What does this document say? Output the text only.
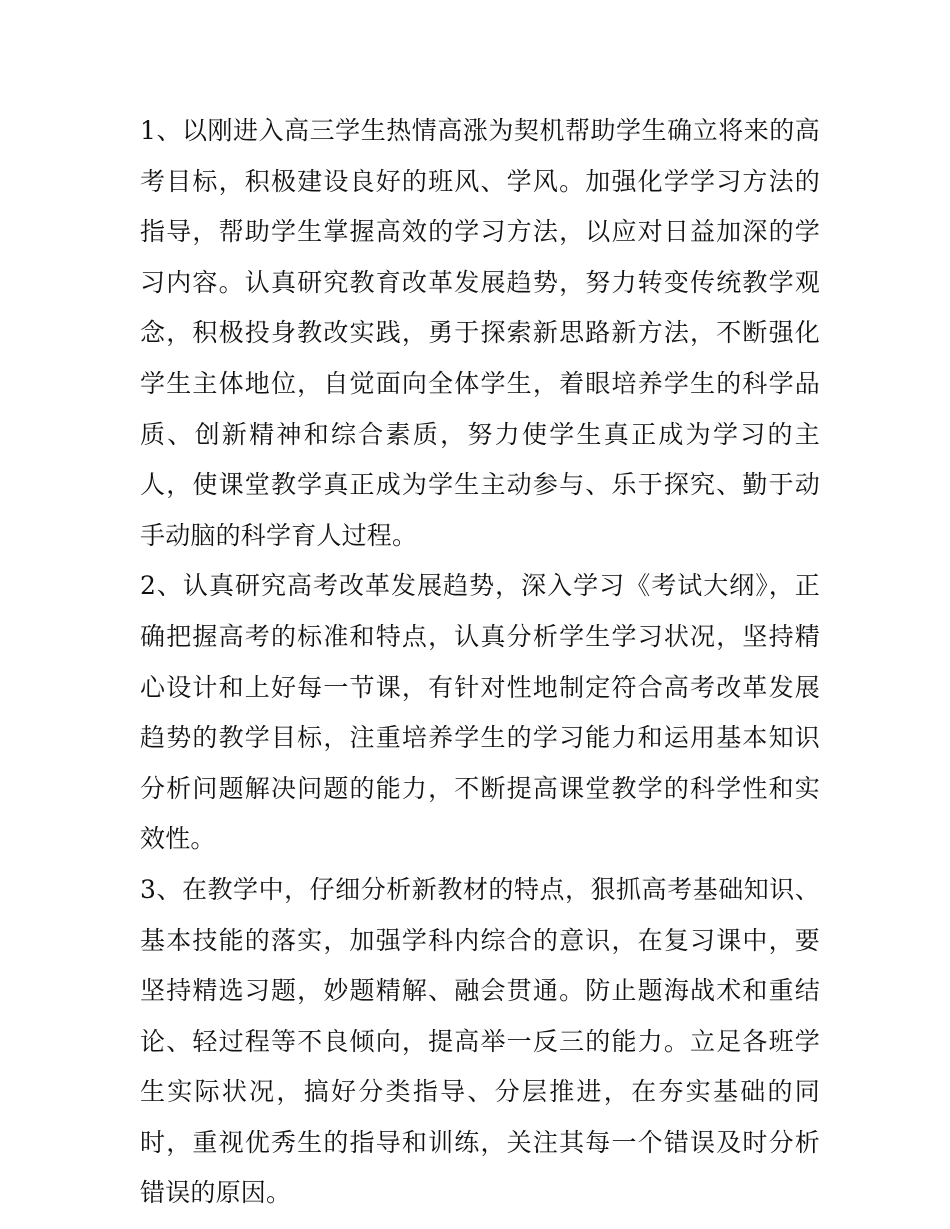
1、以刚进入高三学生热情高涨为契机帮助学生确立将来的高考目标，积极建设良好的班风、学风。加强化学学习方法的指导，帮助学生掌握高效的学习方法，以应对日益加深的学习内容。认真研究教育改革发展趋势，努力转变传统教学观念，积极投身教改实践，勇于探索新思路新方法，不断强化学生主体地位，自觉面向全体学生，着眼培养学生的科学品质、创新精神和综合素质，努力使学生真正成为学习的主人，使课堂教学真正成为学生主动参与、乐于探究、勤于动手动脑的科学育人过程。

2、认真研究高考改革发展趋势，深入学习《考试大纲》，正确把握高考的标准和特点，认真分析学生学习状况，坚持精心设计和上好每一节课，有针对性地制定符合高考改革发展趋势的教学目标，注重培养学生的学习能力和运用基本知识分析问题解决问题的能力，不断提高课堂教学的科学性和实效性。

3、在教学中，仔细分析新教材的特点，狠抓高考基础知识、基本技能的落实，加强学科内综合的意识，在复习课中，要坚持精选习题，妙题精解、融会贯通。防止题海战术和重结论、轻过程等不良倾向，提高举一反三的能力。立足各班学生实际状况，搞好分类指导、分层推进，在夯实基础的同时，重视优秀生的指导和训练，关注其每一个错误及时分析错误的原因。
